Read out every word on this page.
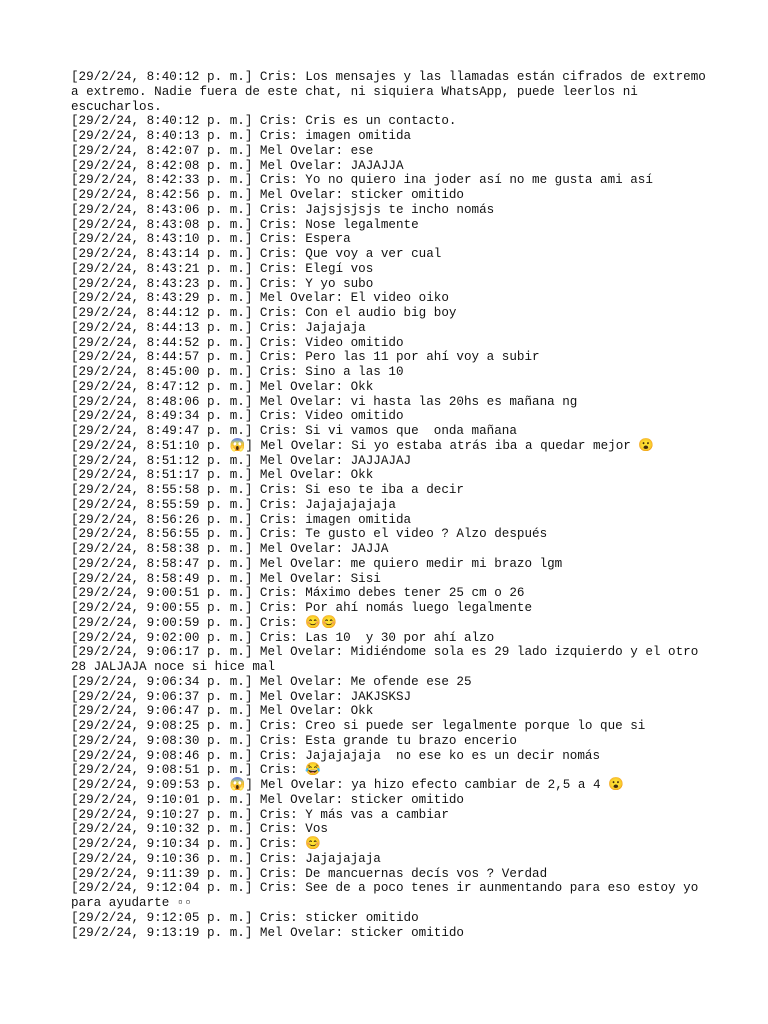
[29/2/24, 8:40:12 p. m.] Cris: Los mensajes y las llamadas están cifrados de extremo a extremo. Nadie fuera de este chat, ni siquiera WhatsApp, puede leerlos ni escucharlos.
[29/2/24, 8:40:12 p. m.] Cris: Cris es un contacto.
[29/2/24, 8:40:13 p. m.] Cris: imagen omitida
[29/2/24, 8:42:07 p. m.] Mel Ovelar: ese
[29/2/24, 8:42:08 p. m.] Mel Ovelar: JAJAJJA
[29/2/24, 8:42:33 p. m.] Cris: Yo no quiero ina joder así no me gusta ami así
[29/2/24, 8:42:56 p. m.] Mel Ovelar: sticker omitido
[29/2/24, 8:43:06 p. m.] Cris: Jajsjsjsjs te incho nomás
[29/2/24, 8:43:08 p. m.] Cris: Nose legalmente
[29/2/24, 8:43:10 p. m.] Cris: Espera
[29/2/24, 8:43:14 p. m.] Cris: Que voy a ver cual
[29/2/24, 8:43:21 p. m.] Cris: Elegí vos
[29/2/24, 8:43:23 p. m.] Cris: Y yo subo
[29/2/24, 8:43:29 p. m.] Mel Ovelar: El video oiko
[29/2/24, 8:44:12 p. m.] Cris: Con el audio big boy
[29/2/24, 8:44:13 p. m.] Cris: Jajajaja
[29/2/24, 8:44:52 p. m.] Cris: Video omitido
[29/2/24, 8:44:57 p. m.] Cris: Pero las 11 por ahí voy a subir
[29/2/24, 8:45:00 p. m.] Cris: Sino a las 10
[29/2/24, 8:47:12 p. m.] Mel Ovelar: Okk
[29/2/24, 8:48:06 p. m.] Mel Ovelar: vi hasta las 20hs es mañana ng
[29/2/24, 8:49:34 p. m.] Cris: Video omitido
[29/2/24, 8:49:47 p. m.] Cris: Si vi vamos que  onda mañana
[29/2/24, 8:51:10 p. 😱] Mel Ovelar: Si yo estaba atrás iba a quedar mejor 😮
[29/2/24, 8:51:12 p. m.] Mel Ovelar: JAJJAJAJ
[29/2/24, 8:51:17 p. m.] Mel Ovelar: Okk
[29/2/24, 8:55:58 p. m.] Cris: Si eso te iba a decir
[29/2/24, 8:55:59 p. m.] Cris: Jajajajajaja
[29/2/24, 8:56:26 p. m.] Cris: imagen omitida
[29/2/24, 8:56:55 p. m.] Cris: Te gusto el video ? Alzo después
[29/2/24, 8:58:38 p. m.] Mel Ovelar: JAJJA
[29/2/24, 8:58:47 p. m.] Mel Ovelar: me quiero medir mi brazo lgm
[29/2/24, 8:58:49 p. m.] Mel Ovelar: Sisi
[29/2/24, 9:00:51 p. m.] Cris: Máximo debes tener 25 cm o 26
[29/2/24, 9:00:55 p. m.] Cris: Por ahí nomás luego legalmente
[29/2/24, 9:00:59 p. m.] Cris: 😊😊
[29/2/24, 9:02:00 p. m.] Cris: Las 10  y 30 por ahí alzo
[29/2/24, 9:06:17 p. m.] Mel Ovelar: Midiéndome sola es 29 lado izquierdo y el otro 28 JALJAJA noce si hice mal
[29/2/24, 9:06:34 p. m.] Mel Ovelar: Me ofende ese 25
[29/2/24, 9:06:37 p. m.] Mel Ovelar: JAKJSKSJ
[29/2/24, 9:06:47 p. m.] Mel Ovelar: Okk
[29/2/24, 9:08:25 p. m.] Cris: Creo si puede ser legalmente porque lo que si
[29/2/24, 9:08:30 p. m.] Cris: Esta grande tu brazo encerio
[29/2/24, 9:08:46 p. m.] Cris: Jajajajaja  no ese ko es un decir nomás
[29/2/24, 9:08:51 p. m.] Cris: 😂
[29/2/24, 9:09:53 p. 😱] Mel Ovelar: ya hizo efecto cambiar de 2,5 a 4 😮
[29/2/24, 9:10:01 p. m.] Mel Ovelar: sticker omitido
[29/2/24, 9:10:27 p. m.] Cris: Y más vas a cambiar
[29/2/24, 9:10:32 p. m.] Cris: Vos
[29/2/24, 9:10:34 p. m.] Cris: 😊
[29/2/24, 9:10:36 p. m.] Cris: Jajajajaja
[29/2/24, 9:11:39 p. m.] Cris: De mancuernas decís vos ? Verdad
[29/2/24, 9:12:04 p. m.] Cris: See de a poco tenes ir aunmentando para eso estoy yo para ayudarte ▫▫
[29/2/24, 9:12:05 p. m.] Cris: sticker omitido
[29/2/24, 9:13:19 p. m.] Mel Ovelar: sticker omitido
